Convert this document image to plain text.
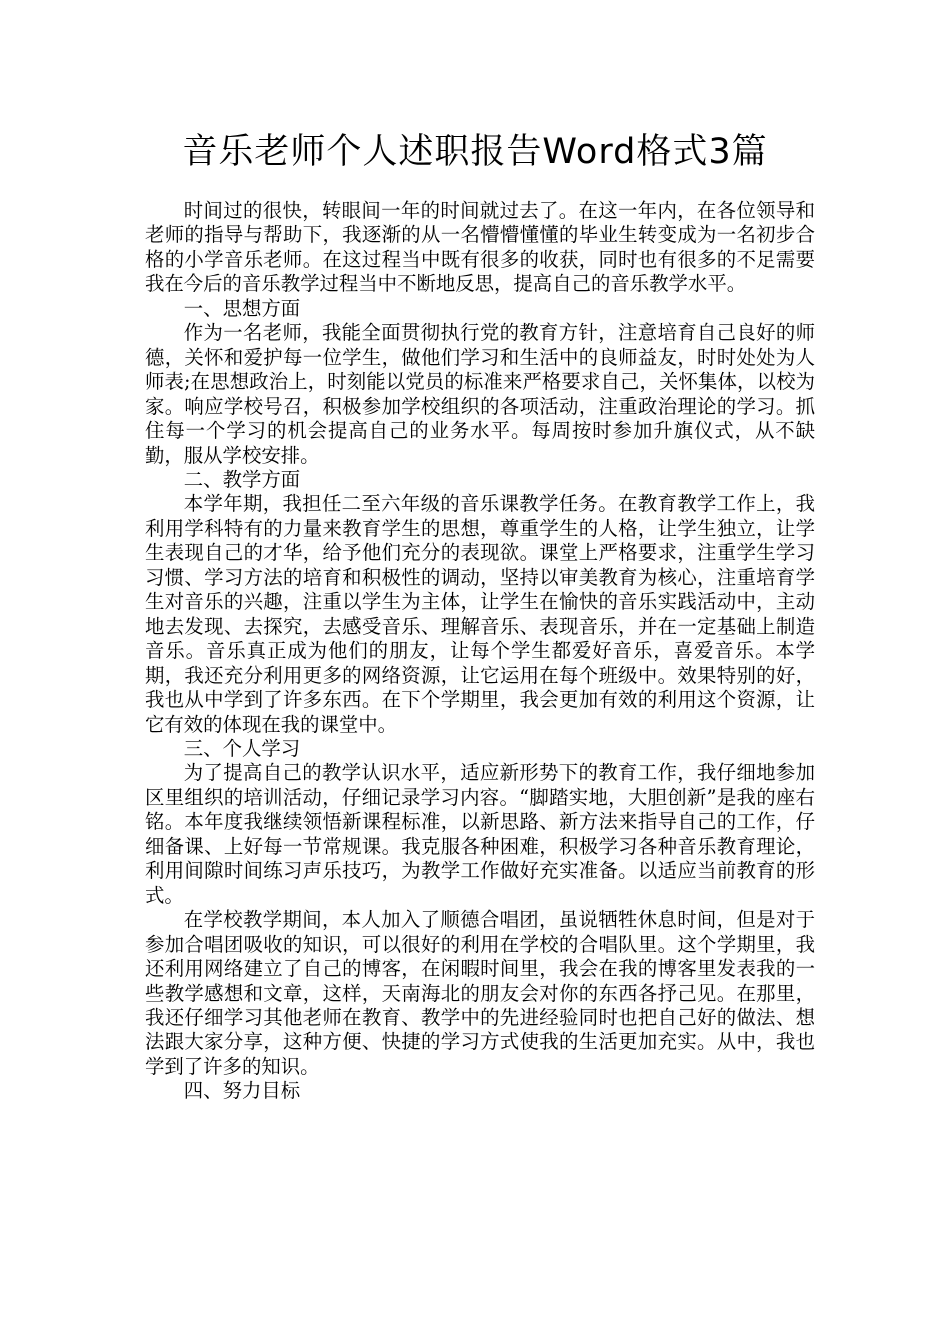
音乐老师个人述职报告Word格式3篇

时间过的很快，转眼间一年的时间就过去了。在这一年内，在各位领导和老师的指导与帮助下，我逐渐的从一名懵懵懂懂的毕业生转变成为一名初步合格的小学音乐老师。在这过程当中既有很多的收获，同时也有很多的不足需要我在今后的音乐教学过程当中不断地反思，提高自己的音乐教学水平。

一、思想方面

作为一名老师，我能全面贯彻执行党的教育方针，注意培育自己良好的师德，关怀和爱护每一位学生，做他们学习和生活中的良师益友，时时处处为人师表;在思想政治上，时刻能以党员的标准来严格要求自己，关怀集体，以校为家。响应学校号召，积极参加学校组织的各项活动，注重政治理论的学习。抓住每一个学习的机会提高自己的业务水平。每周按时参加升旗仪式，从不缺勤，服从学校安排。

二、教学方面

本学年期，我担任二至六年级的音乐课教学任务。在教育教学工作上，我利用学科特有的力量来教育学生的思想，尊重学生的人格，让学生独立，让学生表现自己的才华，给予他们充分的表现欲。课堂上严格要求，注重学生学习习惯、学习方法的培育和积极性的调动，坚持以审美教育为核心，注重培育学生对音乐的兴趣，注重以学生为主体，让学生在愉快的音乐实践活动中，主动地去发现、去探究，去感受音乐、理解音乐、表现音乐，并在一定基础上制造音乐。音乐真正成为他们的朋友，让每个学生都爱好音乐，喜爱音乐。本学期，我还充分利用更多的网络资源，让它运用在每个班级中。效果特别的好，我也从中学到了许多东西。在下个学期里，我会更加有效的利用这个资源，让它有效的体现在我的课堂中。

三、个人学习

为了提高自己的教学认识水平，适应新形势下的教育工作，我仔细地参加区里组织的培训活动，仔细记录学习内容。“脚踏实地，大胆创新”是我的座右铭。本年度我继续领悟新课程标准，以新思路、新方法来指导自己的工作，仔细备课、上好每一节常规课。我克服各种困难，积极学习各种音乐教育理论，利用间隙时间练习声乐技巧，为教学工作做好充实准备。以适应当前教育的形式。

在学校教学期间，本人加入了顺德合唱团，虽说牺牲休息时间，但是对于参加合唱团吸收的知识，可以很好的利用在学校的合唱队里。这个学期里，我还利用网络建立了自己的博客，在闲暇时间里，我会在我的博客里发表我的一些教学感想和文章，这样，天南海北的朋友会对你的东西各抒己见。在那里，我还仔细学习其他老师在教育、教学中的先进经验同时也把自己好的做法、想法跟大家分享，这种方便、快捷的学习方式使我的生活更加充实。从中，我也学到了许多的知识。

四、努力目标
